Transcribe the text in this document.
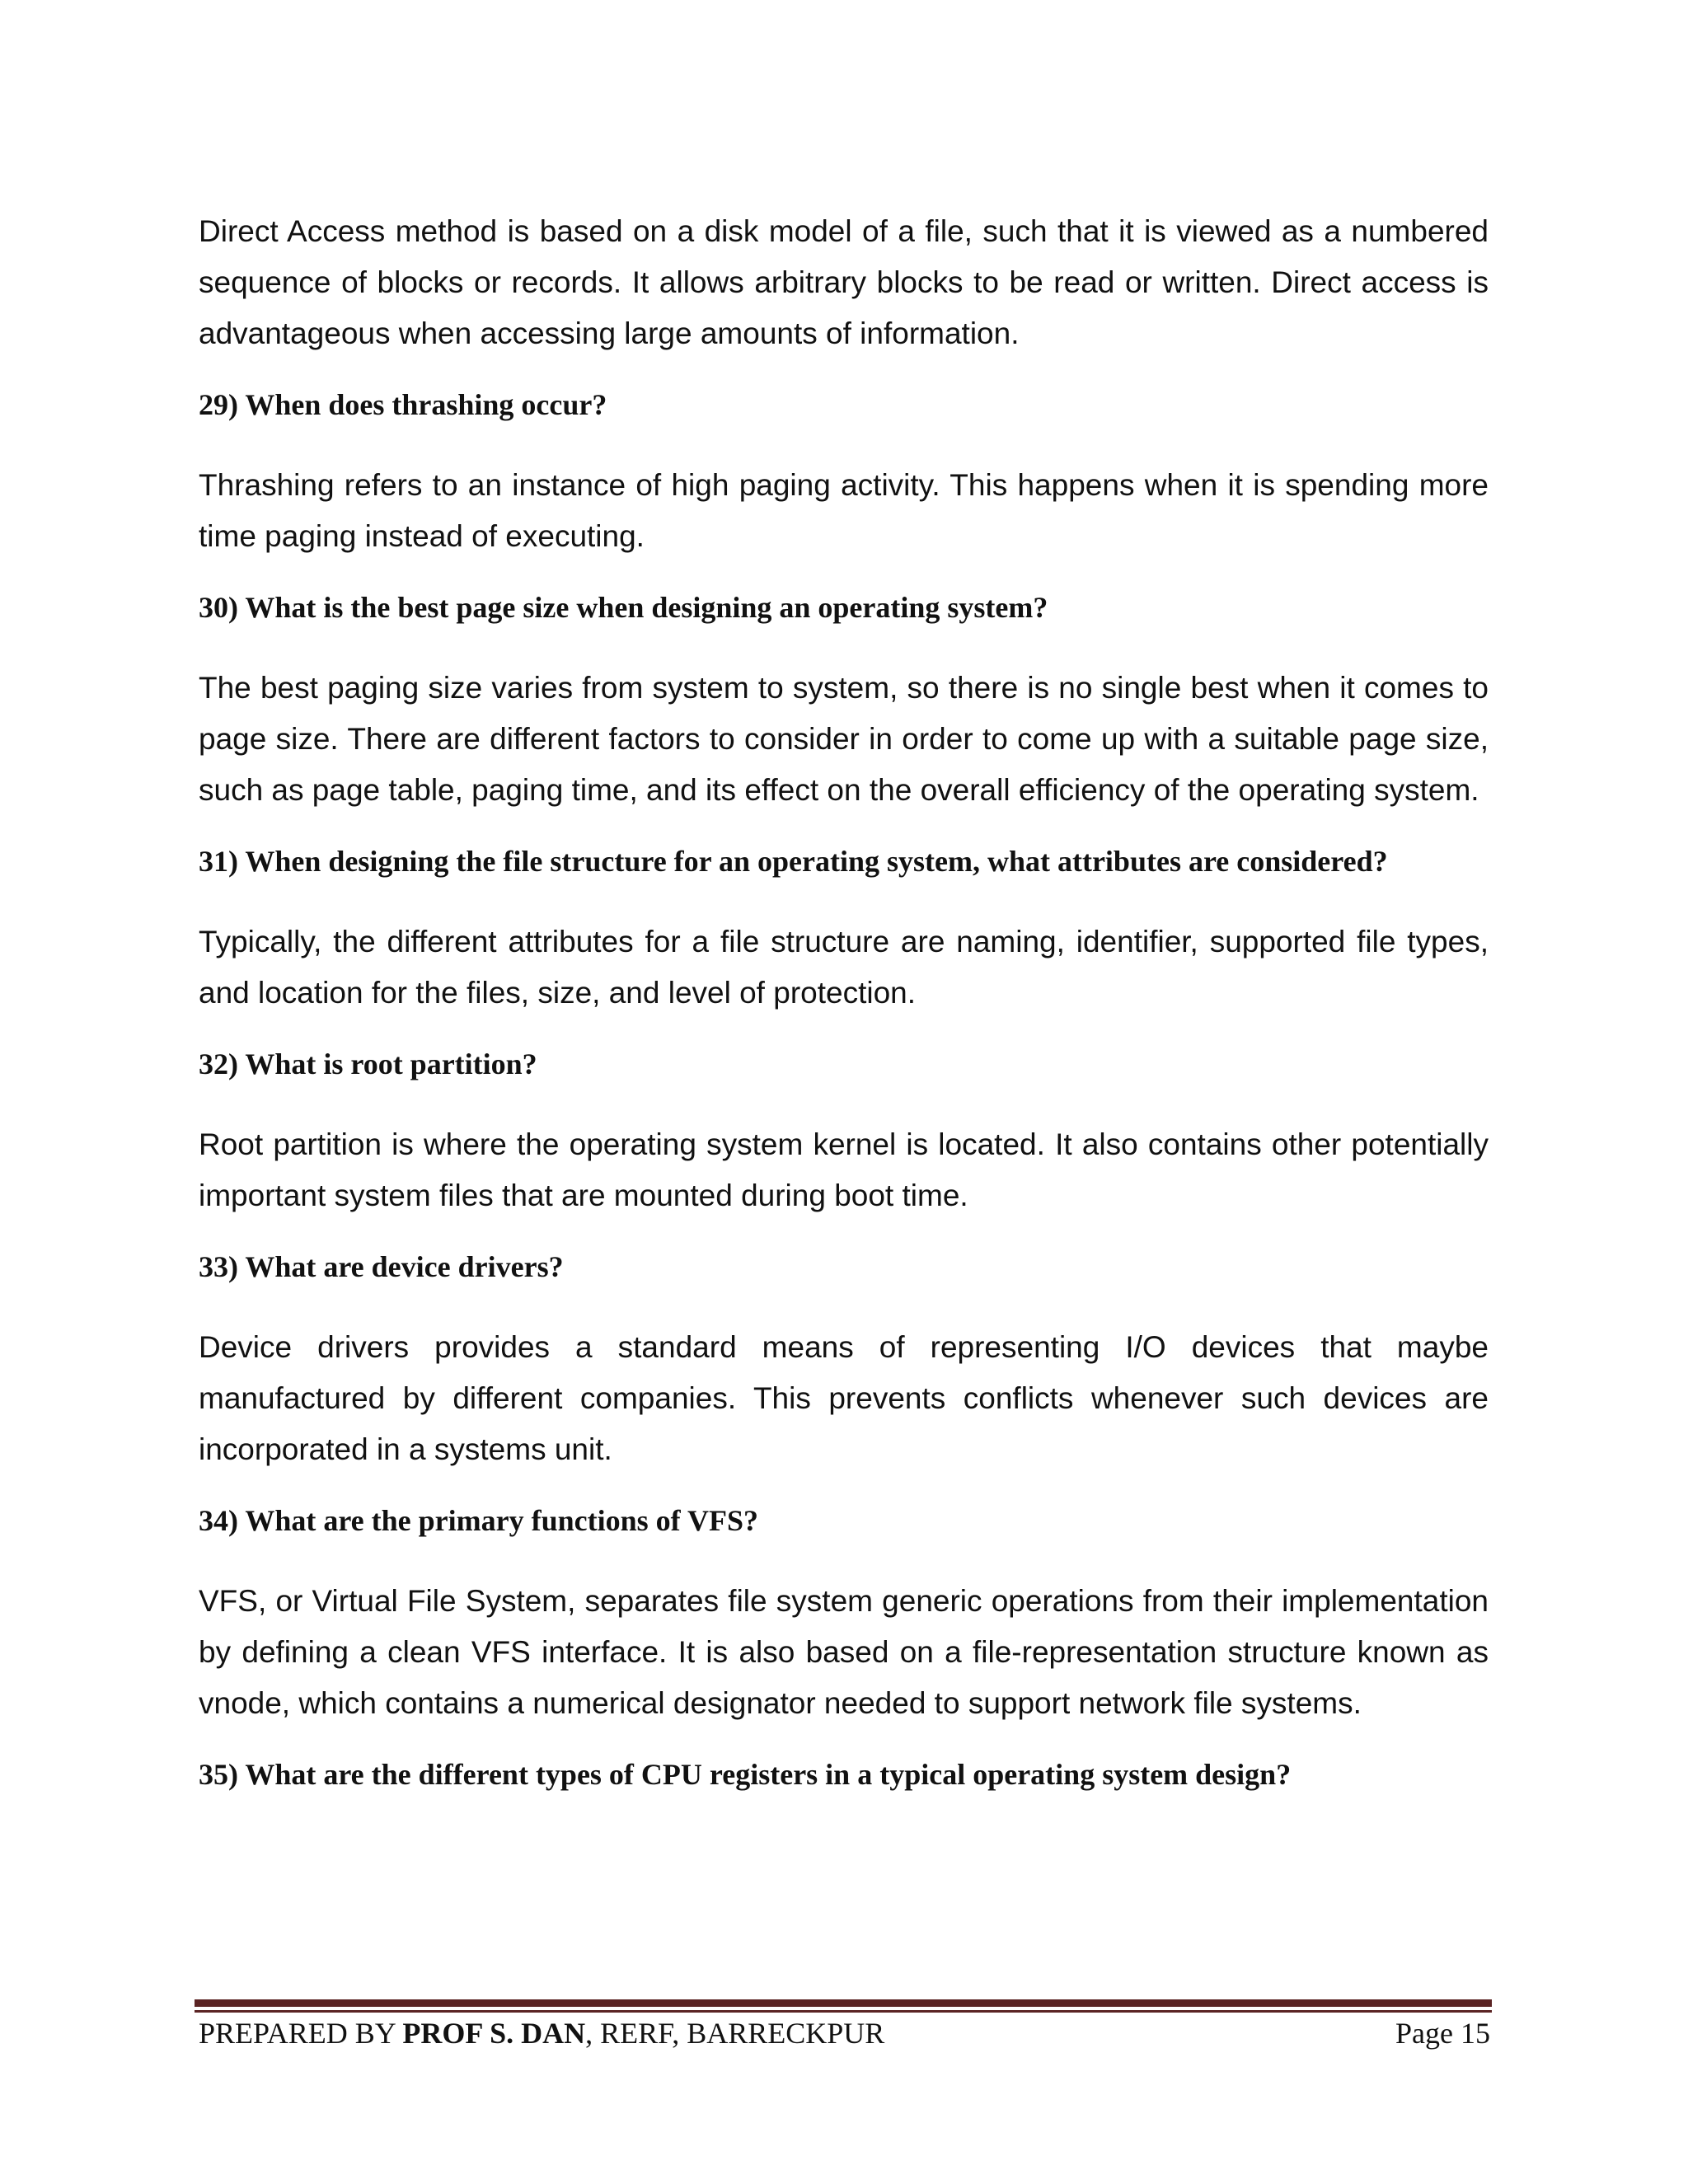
Direct Access method is based on a disk model of a file, such that it is viewed as a numbered sequence of blocks or records. It allows arbitrary blocks to be read or written. Direct access is advantageous when accessing large amounts of information.

29) When does thrashing occur?

Thrashing refers to an instance of high paging activity. This happens when it is spending more time paging instead of executing.

30) What is the best page size when designing an operating system?

The best paging size varies from system to system, so there is no single best when it comes to page size. There are different factors to consider in order to come up with a suitable page size, such as page table, paging time, and its effect on the overall efficiency of the operating system.

31) When designing the file structure for an operating system, what attributes are considered?

Typically, the different attributes for a file structure are naming, identifier, supported file types, and location for the files, size, and level of protection.

32) What is root partition?

Root partition is where the operating system kernel is located. It also contains other potentially important system files that are mounted during boot time.

33) What are device drivers?

Device drivers provides a standard means of representing I/O devices that maybe manufactured by different companies. This prevents conflicts whenever such devices are incorporated in a systems unit.

34) What are the primary functions of VFS?

VFS, or Virtual File System, separates file system generic operations from their implementation by defining a clean VFS interface. It is also based on a file-representation structure known as vnode, which contains a numerical designator needed to support network file systems.

35) What are the different types of CPU registers in a typical operating system design?
PREPARED BY PROF S. DAN, RERF, BARRECKPUR	Page 15
